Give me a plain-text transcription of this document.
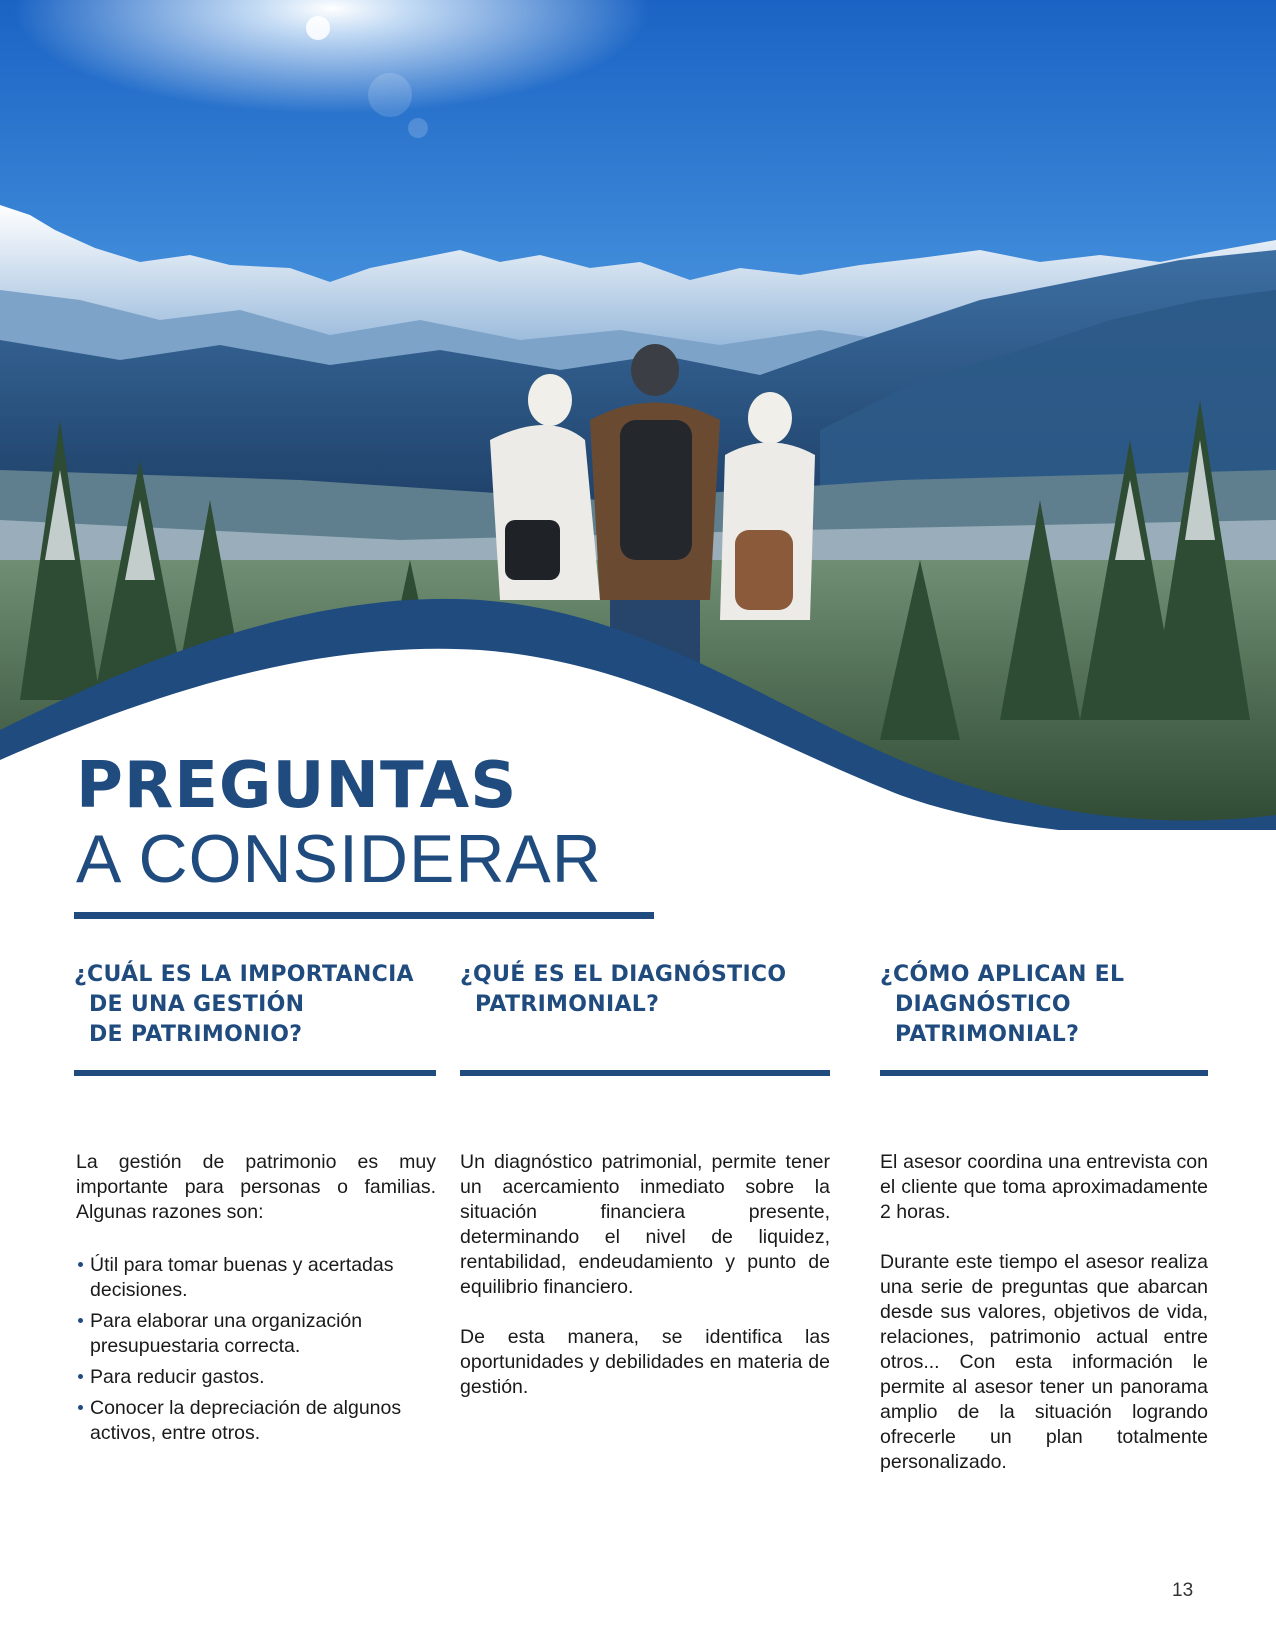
PREGUNTAS
A CONSIDERAR
¿CUÁL ES LA IMPORTANCIA
DE UNA GESTIÓN
DE PATRIMONIO?

La gestión de patrimonio es muy importante para personas o familias. Algunas razones son:

Útil para tomar buenas y acertadas decisiones.
Para elaborar una organización presupuestaria correcta.
Para reducir gastos.
Conocer la depreciación de algunos activos, entre otros.
¿QUÉ ES EL DIAGNÓSTICO
PATRIMONIAL?

Un diagnóstico patrimonial, permite tener un acercamiento inmediato sobre la situación financiera presente, determinando el nivel de liquidez, rentabilidad, endeudamiento y punto de equilibrio financiero.

De esta manera, se identifica las oportunidades y debilidades en materia de gestión.

¿CÓMO APLICAN EL
DIAGNÓSTICO
PATRIMONIAL?

El asesor coordina una entrevista con el cliente que toma aproximadamente 2 horas.

Durante este tiempo el asesor realiza una serie de preguntas que abarcan desde sus valores, objetivos de vida, relaciones, patrimonio actual entre otros... Con esta información le permite al asesor tener un panorama amplio de la situación logrando ofrecerle un plan totalmente personalizado.

13
